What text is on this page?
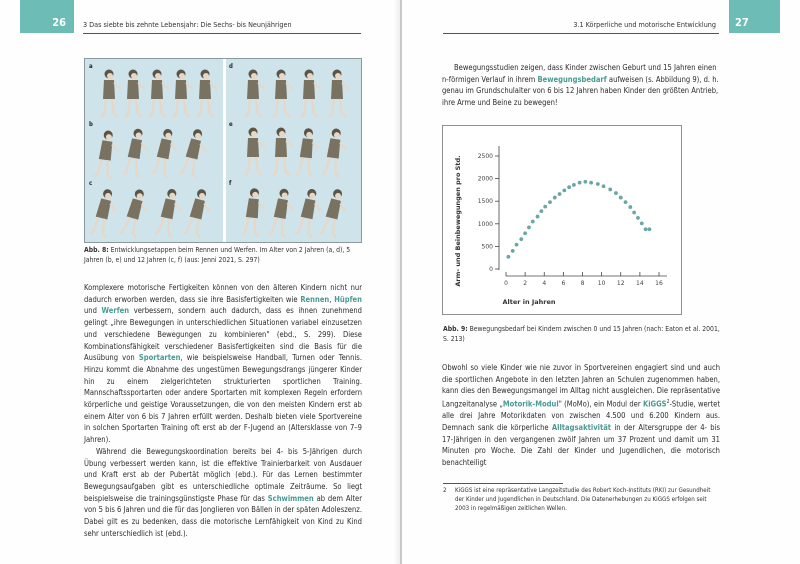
26 3 Das siebte bis zehnte Lebensjahr: Die Sechs- bis Neunjährigen
a
b
c
d
e
f
Abb. 8: Entwicklungsetappen beim Rennen und Werfen. Im Alter von 2 Jahren (a, d), 5 Jahren (b, e) und 12 Jahren (c, f) (aus: Jenni 2021, S. 297)

Komplexere motorische Fertigkeiten können von den älteren Kindern nicht nur dadurch erworben werden, dass sie ihre Basisfertigkeiten wie Rennen, Hüpfen und Werfen verbessern, sondern auch dadurch, dass es ihnen zunehmend gelingt „ihre Bewegungen in unterschiedlichen Situationen variabel einzusetzen und verschiedene Bewegungen zu kombinieren" (ebd., S. 299). Diese Kombinationsfähigkeit verschiedener Basisfertigkeiten sind die Basis für die Ausübung von Sportarten, wie beispielsweise Handball, Turnen oder Tennis. Hinzu kommt die Abnahme des ungestümen Bewegungsdrangs jüngerer Kinder hin zu einem zielgerichteten strukturierten sportlichen Training. Mannschaftssportarten oder andere Sportarten mit komplexen Regeln erfordern körperliche und geistige Voraussetzungen, die von den meisten Kindern erst ab einem Alter von 6 bis 7 Jahren erfüllt werden. Deshalb bieten viele Sportvereine in solchen Sportarten Training oft erst ab der F-Jugend an (Altersklasse von 7–9 Jahren).

Während die Bewegungskoordination bereits bei 4- bis 5-Jährigen durch Übung verbessert werden kann, ist die effektive Trainierbarkeit von Ausdauer und Kraft erst ab der Pubertät möglich (ebd.). Für das Lernen bestimmter Bewegungsaufgaben gibt es unterschiedliche optimale Zeiträume. So liegt beispielsweise die trainingsgünstigste Phase für das Schwimmen ab dem Alter von 5 bis 6 Jahren und die für das Jonglieren von Bällen in der späten Adoleszenz. Dabei gilt es zu bedenken, dass die motorische Lernfähigkeit von Kind zu Kind sehr unterschiedlich ist (ebd.).

3.1 Körperliche und motorische Entwicklung 27

Bewegungsstudien zeigen, dass Kinder zwischen Geburt und 15 Jahren einen n-förmigen Verlauf in ihrem Bewegungsbedarf aufweisen (s. Abbildung 9), d. h. genau im Grundschulalter von 6 bis 12 Jahren haben Kinder den größten Antrieb, ihre Arme und Beine zu bewegen!

0
500
1000
1500
2000
2500
0	2	4	6	8 10 12 14 16
Arm- und Beinbewegungen pro Std.
Alter in Jahren
Abb. 9: Bewegungsbedarf bei Kindern zwischen 0 und 15 Jahren (nach: Eaton et al. 2001, S. 213)

Obwohl so viele Kinder wie nie zuvor in Sportvereinen engagiert sind und auch die sportlichen Angebote in den letzten Jahren an Schulen zugenommen haben, kann dies den Bewegungsmangel im Alltag nicht ausgleichen. Die repräsentative Langzeitanalyse „Motorik-Modul" (MoMo), ein Modul der KiGGS$^2$-Studie, wertet alle drei Jahre Motorikdaten von zwischen 4.500 und 6.200 Kindern aus. Demnach sank die körperliche Alltagsaktivität in der Altersgruppe der 4- bis 17-Jährigen in den vergangenen zwölf Jahren um 37 Prozent und damit um 31 Minuten pro Woche. Die Zahl der Kinder und Jugendlichen, die motorisch benachteiligt

2 KiGGS ist eine repräsentative Langzeitstudie des Robert Koch-Instituts (RKI) zur Gesundheit der Kinder und Jugendlichen in Deutschland. Die Datenerhebungen zu KiGGS erfolgen seit 2003 in regelmäßigen zeitlichen Wellen.
